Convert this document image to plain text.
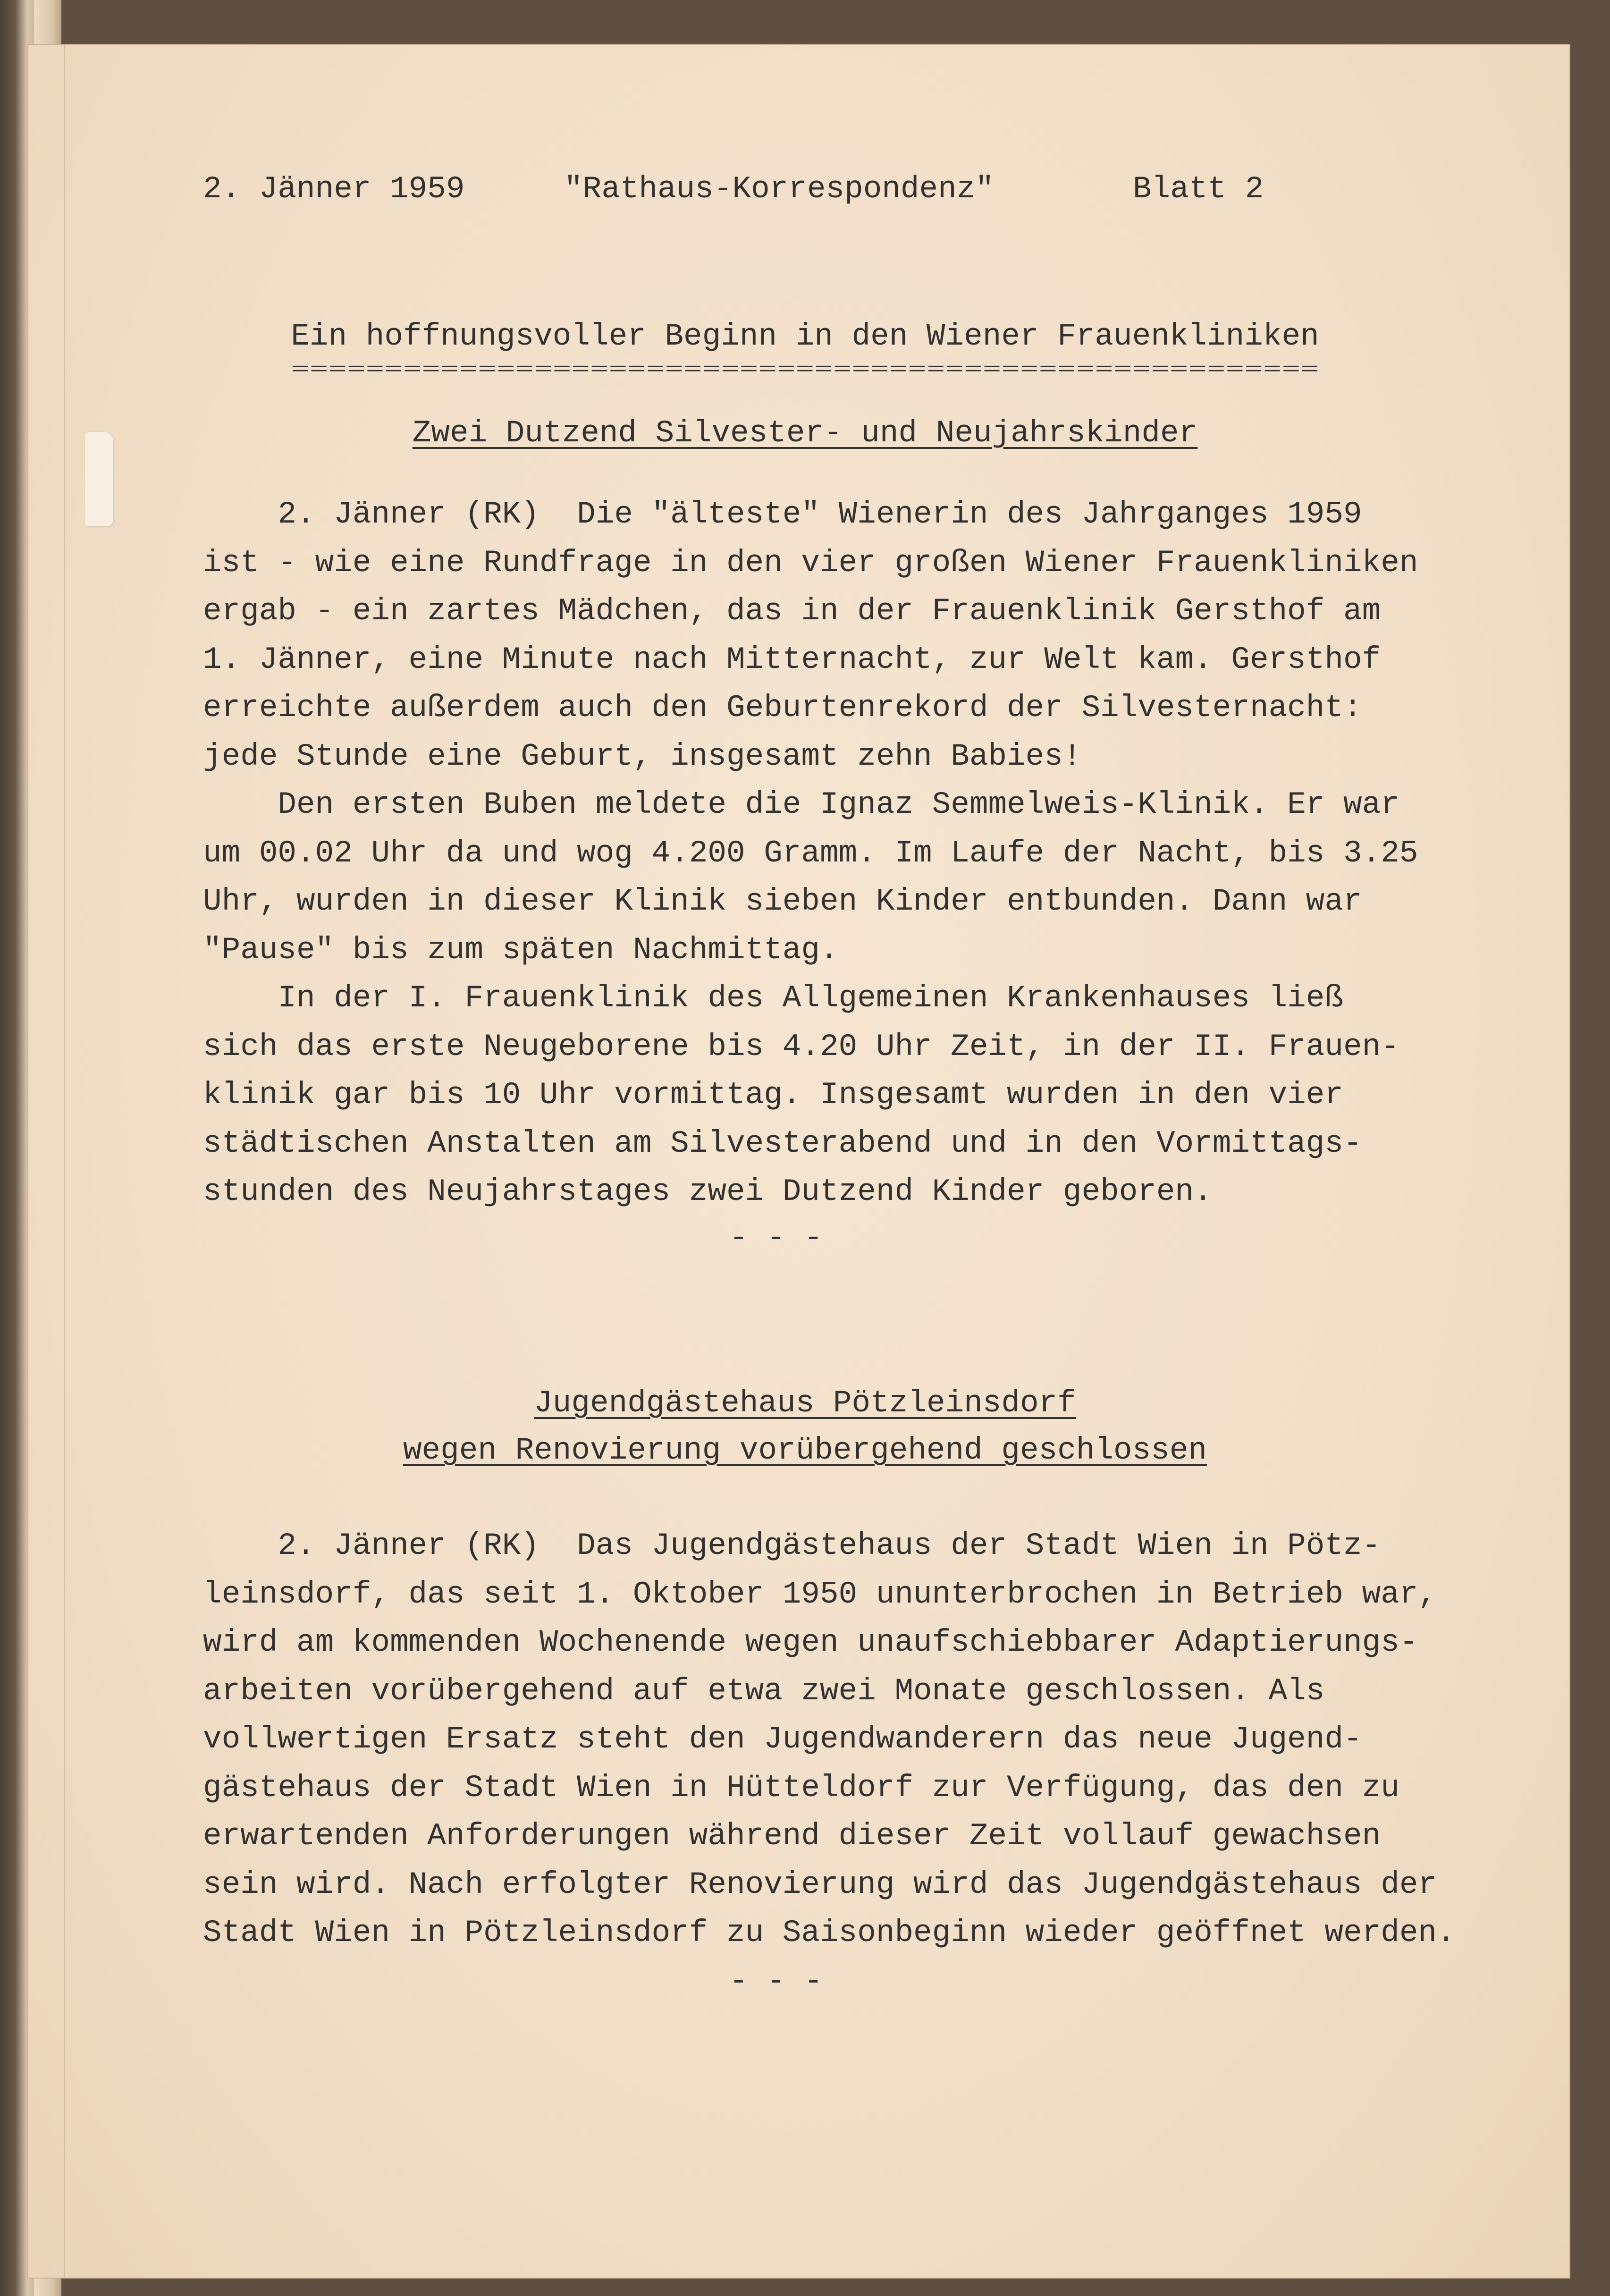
2. Jänner 1959	"Rathaus-Korrespondenz"	Blatt 2

Ein hoffnungsvoller Beginn in den Wiener Frauenkliniken

=======================================================

Zwei Dutzend Silvester- und Neujahrskinder

2. Jänner (RK)  Die "älteste" Wienerin des Jahrganges 1959

ist - wie eine Rundfrage in den vier großen Wiener Frauenkliniken

ergab - ein zartes Mädchen, das in der Frauenklinik Gersthof am

1. Jänner, eine Minute nach Mitternacht, zur Welt kam. Gersthof

erreichte außerdem auch den Geburtenrekord der Silvesternacht:

jede Stunde eine Geburt, insgesamt zehn Babies!

Den ersten Buben meldete die Ignaz Semmelweis-Klinik. Er war

um 00.02 Uhr da und wog 4.200 Gramm. Im Laufe der Nacht, bis 3.25

Uhr, wurden in dieser Klinik sieben Kinder entbunden. Dann war

"Pause" bis zum späten Nachmittag.

In der I. Frauenklinik des Allgemeinen Krankenhauses ließ

sich das erste Neugeborene bis 4.20 Uhr Zeit, in der II. Frauen-

klinik gar bis 10 Uhr vormittag. Insgesamt wurden in den vier

städtischen Anstalten am Silvesterabend und in den Vormittags-

stunden des Neujahrstages zwei Dutzend Kinder geboren.

- - -

Jugendgästehaus Pötzleinsdorf

wegen Renovierung vorübergehend geschlossen

2. Jänner (RK)  Das Jugendgästehaus der Stadt Wien in Pötz-

leinsdorf, das seit 1. Oktober 1950 ununterbrochen in Betrieb war,

wird am kommenden Wochenende wegen unaufschiebbarer Adaptierungs-

arbeiten vorübergehend auf etwa zwei Monate geschlossen. Als

vollwertigen Ersatz steht den Jugendwanderern das neue Jugend-

gästehaus der Stadt Wien in Hütteldorf zur Verfügung, das den zu

erwartenden Anforderungen während dieser Zeit vollauf gewachsen

sein wird. Nach erfolgter Renovierung wird das Jugendgästehaus der

Stadt Wien in Pötzleinsdorf zu Saisonbeginn wieder geöffnet werden.

- - -
